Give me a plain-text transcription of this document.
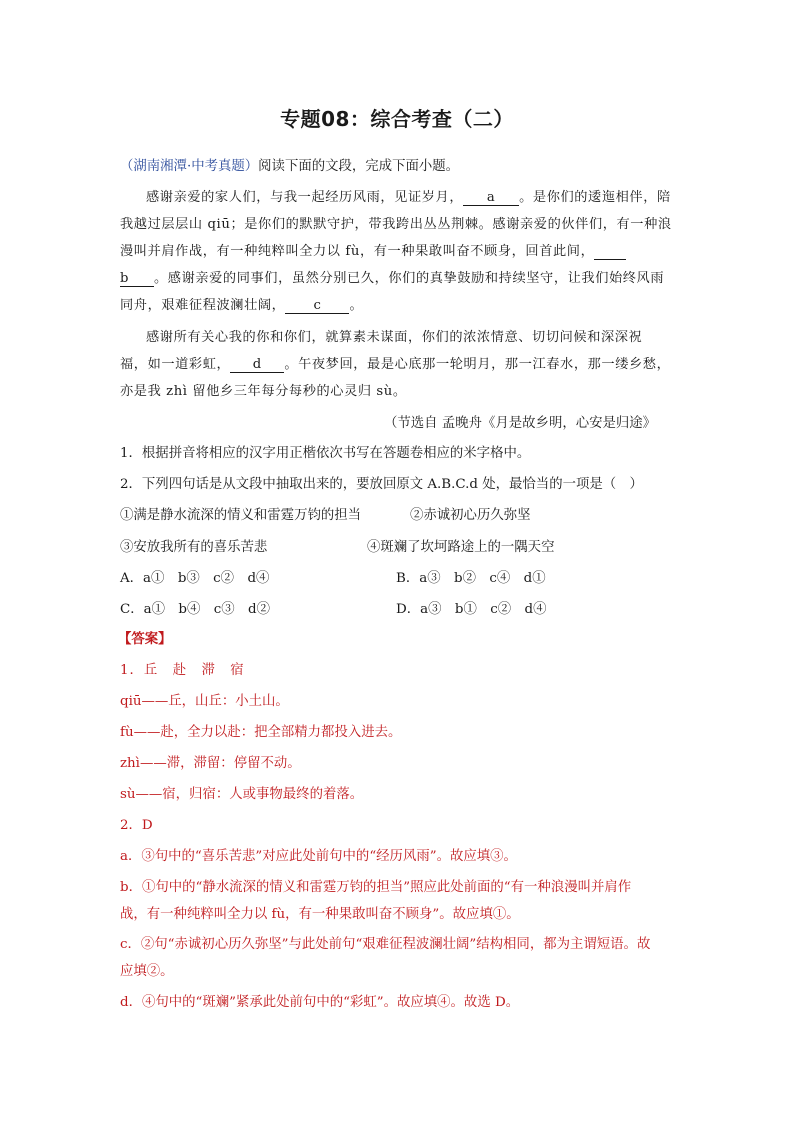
专题08：综合考查（二）
（湖南湘潭·中考真题）阅读下面的文段，完成下面小题。
感谢亲爱的家人们，与我一起经历风雨，见证岁月， a 。是你们的逶迤相伴，陪
我越过层层山 qiū；是你们的默默守护，带我跨出丛丛荆棘。感谢亲爱的伙伴们，有一种浪
漫叫并肩作战，有一种纯粹叫全力以 fù，有一种果敢叫奋不顾身，回首此间，
b 。感谢亲爱的同事们，虽然分别已久，你们的真挚鼓励和持续坚守，让我们始终风雨
同舟，艰难征程波澜壮阔， c 。
感谢所有关心我的你和你们，就算素未谋面，你们的浓浓情意、切切问候和深深祝
福，如一道彩虹， d 。午夜梦回，最是心底那一轮明月，那一江春水，那一缕乡愁，
亦是我 zhì 留他乡三年每分每秒的心灵归 sù。
（节选自 孟晚舟《月是故乡明，心安是归途》
1．根据拼音将相应的汉字用正楷依次书写在答题卷相应的米字格中。
2．下列四句话是从文段中抽取出来的，要放回原文 A.B.C.d 处，最恰当的一项是（　）
①满是静水流深的情义和雷霆万钧的担当	②赤诚初心历久弥坚
③安放我所有的喜乐苦悲	④斑斓了坎坷路途上的一隅天空
A．a①　b③　c②　d④	B．a③　b②　c④　d①
C．a①　b④　c③　d②	D．a③　b①　c②　d④
【答案】
1．丘　赴　滞　宿
qiū——丘，山丘：小土山。
fù——赴，全力以赴：把全部精力都投入进去。
zhì——滞，滞留：停留不动。
sù——宿，归宿：人或事物最终的着落。
2．D
a．③句中的“喜乐苦悲”对应此处前句中的“经历风雨”。故应填③。
b．①句中的“静水流深的情义和雷霆万钧的担当”照应此处前面的“有一种浪漫叫并肩作
战，有一种纯粹叫全力以 fù，有一种果敢叫奋不顾身”。故应填①。
c．②句“赤诚初心历久弥坚”与此处前句“艰难征程波澜壮阔”结构相同，都为主谓短语。故
应填②。
d．④句中的“斑斓”紧承此处前句中的“彩虹”。故应填④。故选 D。
